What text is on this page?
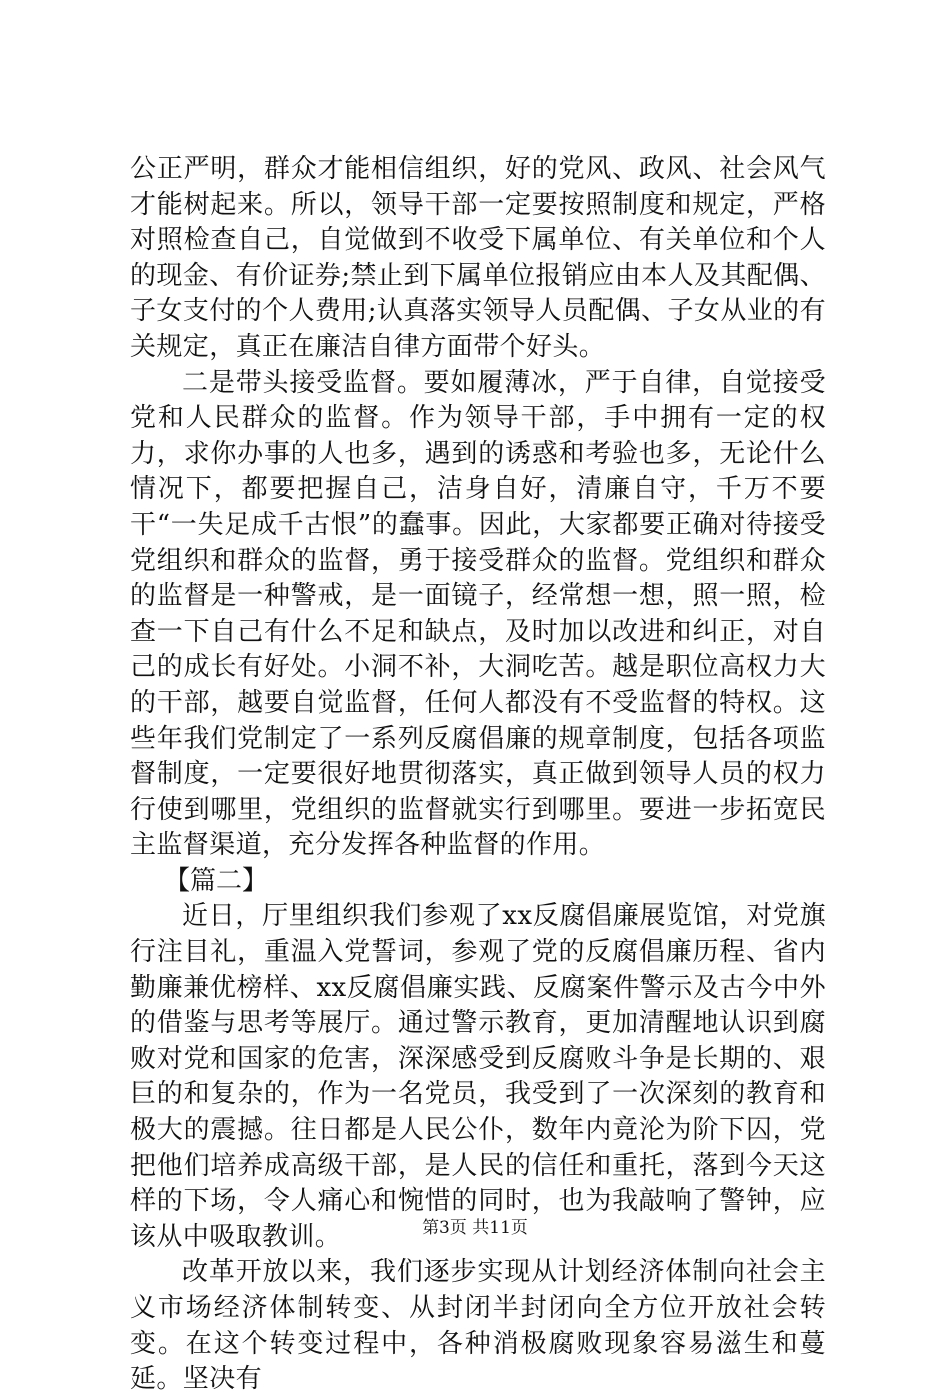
公正严明，群众才能相信组织，好的党风、政风、社会风气才能树起来。所以，领导干部一定要按照制度和规定，严格对照检查自己，自觉做到不收受下属单位、有关单位和个人的现金、有价证券;禁止到下属单位报销应由本人及其配偶、子女支付的个人费用;认真落实领导人员配偶、子女从业的有关规定，真正在廉洁自律方面带个好头。

二是带头接受监督。要如履薄冰，严于自律，自觉接受党和人民群众的监督。作为领导干部，手中拥有一定的权力，求你办事的人也多，遇到的诱惑和考验也多，无论什么情况下，都要把握自己，洁身自好，清廉自守，千万不要干“一失足成千古恨”的蠢事。因此，大家都要正确对待接受党组织和群众的监督，勇于接受群众的监督。党组织和群众的监督是一种警戒，是一面镜子，经常想一想，照一照，检查一下自己有什么不足和缺点，及时加以改进和纠正，对自己的成长有好处。小洞不补，大洞吃苦。越是职位高权力大的干部，越要自觉监督，任何人都没有不受监督的特权。这些年我们党制定了一系列反腐倡廉的规章制度，包括各项监督制度，一定要很好地贯彻落实，真正做到领导人员的权力行使到哪里，党组织的监督就实行到哪里。要进一步拓宽民主监督渠道，充分发挥各种监督的作用。

【篇二】

近日，厅里组织我们参观了xx反腐倡廉展览馆，对党旗行注目礼，重温入党誓词，参观了党的反腐倡廉历程、省内勤廉兼优榜样、xx反腐倡廉实践、反腐案件警示及古今中外的借鉴与思考等展厅。通过警示教育，更加清醒地认识到腐败对党和国家的危害，深深感受到反腐败斗争是长期的、艰巨的和复杂的，作为一名党员，我受到了一次深刻的教育和极大的震撼。往日都是人民公仆，数年内竟沦为阶下囚，党把他们培养成高级干部，是人民的信任和重托，落到今天这样的下场，令人痛心和惋惜的同时，也为我敲响了警钟，应该从中吸取教训。

改革开放以来，我们逐步实现从计划经济体制向社会主义市场经济体制转变、从封闭半封闭向全方位开放社会转变。在这个转变过程中，各种消极腐败现象容易滋生和蔓延。坚决有

第3页 共11页
